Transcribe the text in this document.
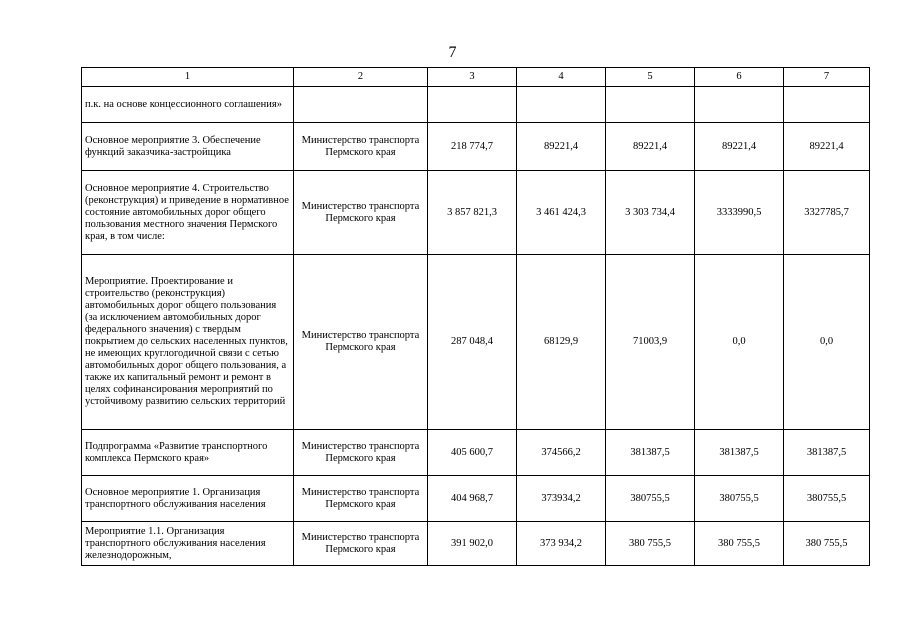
7
1	2	3	4	5	6	7
п.к. на основе концессионного соглашения»						
Основное мероприятие 3. Обеспечение функций заказчика-застройщика	Министерство транспорта Пермского края	218 774,7	89221,4	89221,4	89221,4	89221,4
Основное мероприятие 4. Строительство (реконструкция) и приведение в нормативное состояние автомобильных дорог общего пользования местного значения Пермского края, в том числе:	Министерство транспорта Пермского края	3 857 821,3	3 461 424,3	3 303 734,4	3333990,5	3327785,7
Мероприятие. Проектирование и строительство (реконструкция) автомобильных дорог общего пользования (за исключением автомобильных дорог федерального значения) с твердым покрытием до сельских населенных пунктов, не имеющих круглогодичной связи с сетью автомобильных дорог общего пользования, а также их капитальный ремонт и ремонт в целях софинансирования мероприятий по устойчивому развитию сельских территорий	Министерство транспорта Пермского края	287 048,4	68129,9	71003,9	0,0	0,0
Подпрограмма «Развитие транспортного комплекса Пермского края»	Министерство транспорта Пермского края	405 600,7	374566,2	381387,5	381387,5	381387,5
Основное мероприятие 1. Организация транспортного обслуживания населения	Министерство транспорта Пермского края	404 968,7	373934,2	380755,5	380755,5	380755,5
Мероприятие 1.1. Организация транспортного обслуживания населения железнодорожным,	Министерство транспорта Пермского края	391 902,0	373 934,2	380 755,5	380 755,5	380 755,5
